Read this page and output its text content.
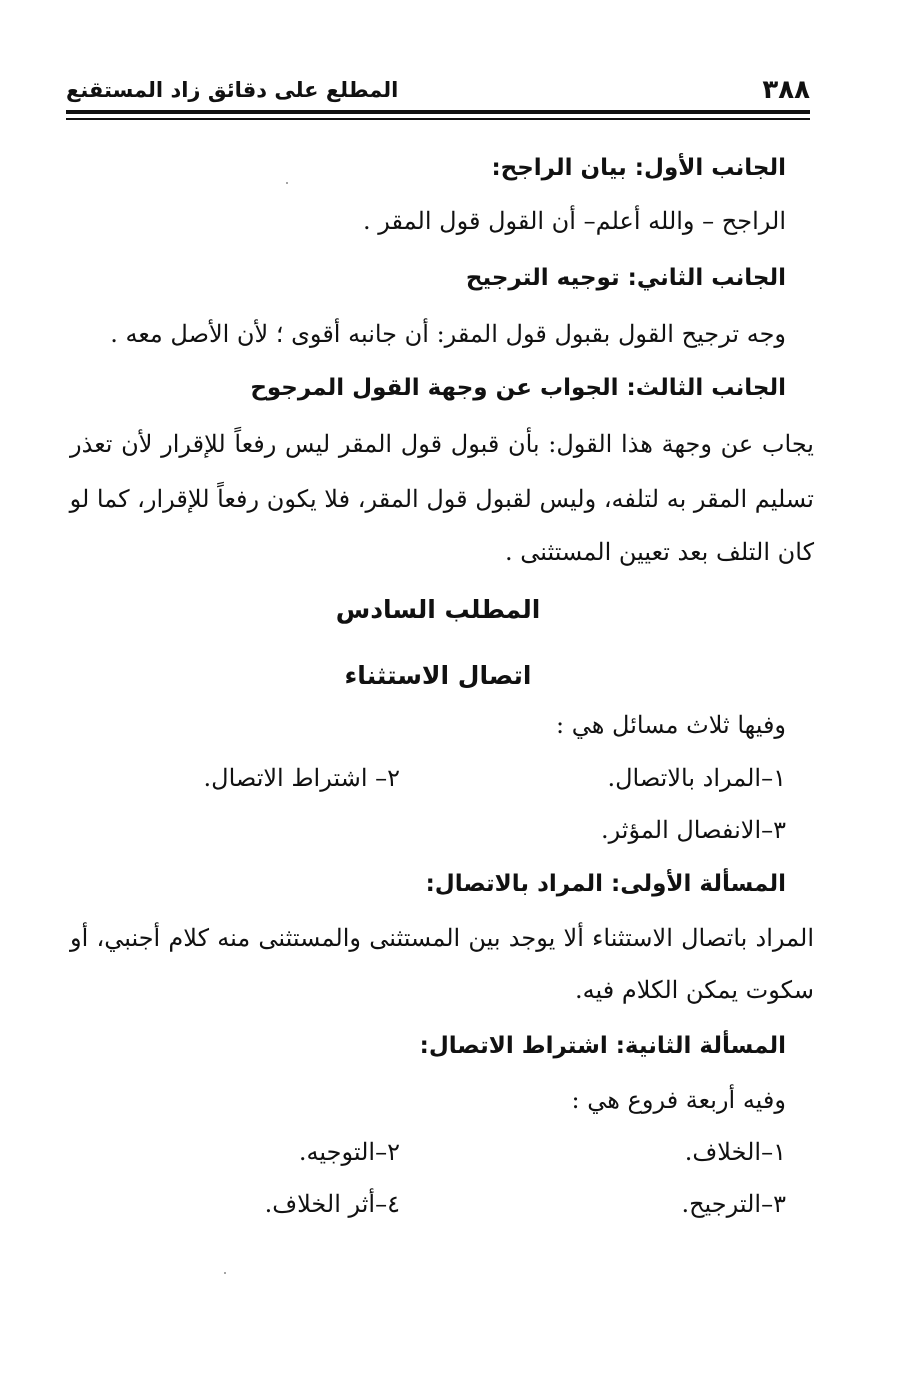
٣٨٨
المطلع على دقائق زاد المستقنع
الجانب الأول: بيان الراجح:
الراجح – والله أعلم– أن القول قول المقر .
الجانب الثاني: توجيه الترجيح
وجه ترجيح القول بقبول قول المقر: أن جانبه أقوى ؛ لأن الأصل معه .
الجانب الثالث: الجواب عن وجهة القول المرجوح
يجاب عن وجهة هذا القول: بأن قبول قول المقر ليس رفعاً للإقرار لأن تعذر
تسليم المقر به لتلفه، وليس لقبول قول المقر، فلا يكون رفعاً للإقرار، كما لو
كان التلف بعد تعيين المستثنى .
المطلب السادس
اتصال الاستثناء
وفيها ثلاث مسائل هي :
١–المراد بالاتصال.
٢– اشتراط الاتصال.
٣–الانفصال المؤثر.
المسألة الأولى: المراد بالاتصال:
المراد باتصال الاستثناء ألا يوجد بين المستثنى والمستثنى منه كلام أجنبي، أو
سكوت يمكن الكلام فيه.
المسألة الثانية: اشتراط الاتصال:
وفيه أربعة فروع هي :
١–الخلاف.
٢–التوجيه.
٣–الترجيح.
٤–أثر الخلاف.
